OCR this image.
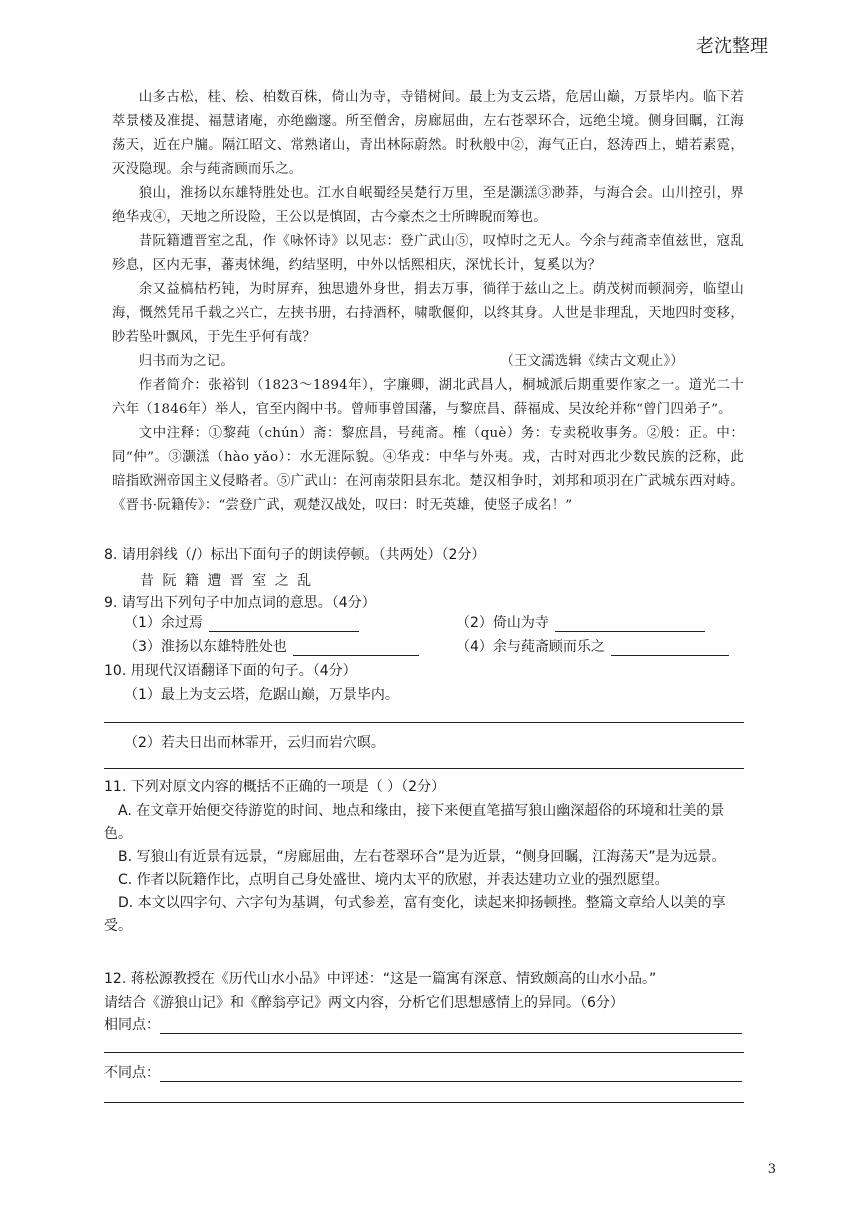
老沈整理

山多古松，桂、桧、柏数百株，倚山为寺，寺错树间。最上为支云塔，危居山巅，万景毕内。临下若萃景楼及准提、福慧诸庵，亦绝幽邃。所至僧舍，房廊屈曲，左右苍翠环合，远绝尘境。侧身回瞩，江海荡天，近在户牖。隔江昭文、常熟诸山，青出林际蔚然。时秋般中②，海气正白，怒涛西上，蜡若素霓，灭没隐现。余与莼斋顾而乐之。

狼山，淮扬以东雄特胜处也。江水自岷蜀经吴楚行万里，至是灏溔③渺莽，与海合会。山川控引，界绝华戎④，天地之所设险，王公以是慎固，古今豪杰之士所睥睨而筹也。

昔阮籍遭晋室之乱，作《咏怀诗》以见志：登广武山⑤，叹悼时之无人。今余与莼斋幸值兹世，寇乱殄息，区内无事，蕃夷怵绳，约结坚明，中外以恬熙相庆，深忧长计，复奚以为？

余又益槁枯朽钝，为时屏弃，独思遗外身世，捐去万事，徜徉于兹山之上。荫茂树而顿洞旁，临望山海，慨然凭吊千载之兴亡，左挟书册，右持酒杯，啸歌偃仰，以终其身。人世是非理乱，天地四时变移，眇若坠叶飘风，于先生乎何有哉？

归书而为之记。	（王文濡选辑《续古文观止》）

作者简介：张裕钊（1823～1894年），字廉卿，湖北武昌人，桐城派后期重要作家之一。道光二十六年（1846年）举人，官至内阁中书。曾师事曾国藩，与黎庶昌、薛福成、吴汝纶并称“曾门四弟子”。

文中注释：①黎莼（chún）斋：黎庶昌，号莼斋。榷（què）务：专卖税收事务。②般：正。中：同“仲”。③灏溔（hào yǎo）：水无涯际貌。④华戎：中华与外夷。戎，古时对西北少数民族的泛称，此暗指欧洲帝国主义侵略者。⑤广武山：在河南荥阳县东北。楚汉相争时，刘邦和项羽在广武城东西对峙。《晋书·阮籍传》：“尝登广武，观楚汉战处，叹曰：时无英雄，使竖子成名！”

8. 请用斜线（/）标出下面句子的朗读停顿。（共两处）（2分）
昔 阮 籍 遭 晋 室 之 乱
9. 请写出下列句子中加点词的意思。（4分）
（1）余过焉	（2）倚山为寺
（3）淮扬以东雄特胜处也	（4）余与莼斋顾而乐之
10. 用现代汉语翻译下面的句子。（4分）
（1）最上为支云塔，危踞山巅，万景毕内。
（2）若夫日出而林霏开，云归而岩穴暝。
11. 下列对原文内容的概括不正确的一项是（ ）（2分）

A. 在文章开始便交待游览的时间、地点和缘由，接下来便直笔描写狼山幽深超俗的环境和壮美的景色。

B. 写狼山有近景有远景，“房廊屈曲，左右苍翠环合”是为近景，“侧身回瞩，江海荡天”是为远景。

C. 作者以阮籍作比，点明自己身处盛世、境内太平的欣慰，并表达建功立业的强烈愿望。

D. 本文以四字句、六字句为基调，句式参差，富有变化，读起来抑扬顿挫。整篇文章给人以美的享受。

12. 蒋松源教授在《历代山水小品》中评述：“这是一篇寓有深意、情致颇高的山水小品。”
请结合《游狼山记》和《醉翁亭记》两文内容，分析它们思想感情上的异同。（6分）
相同点：
不同点：
3
